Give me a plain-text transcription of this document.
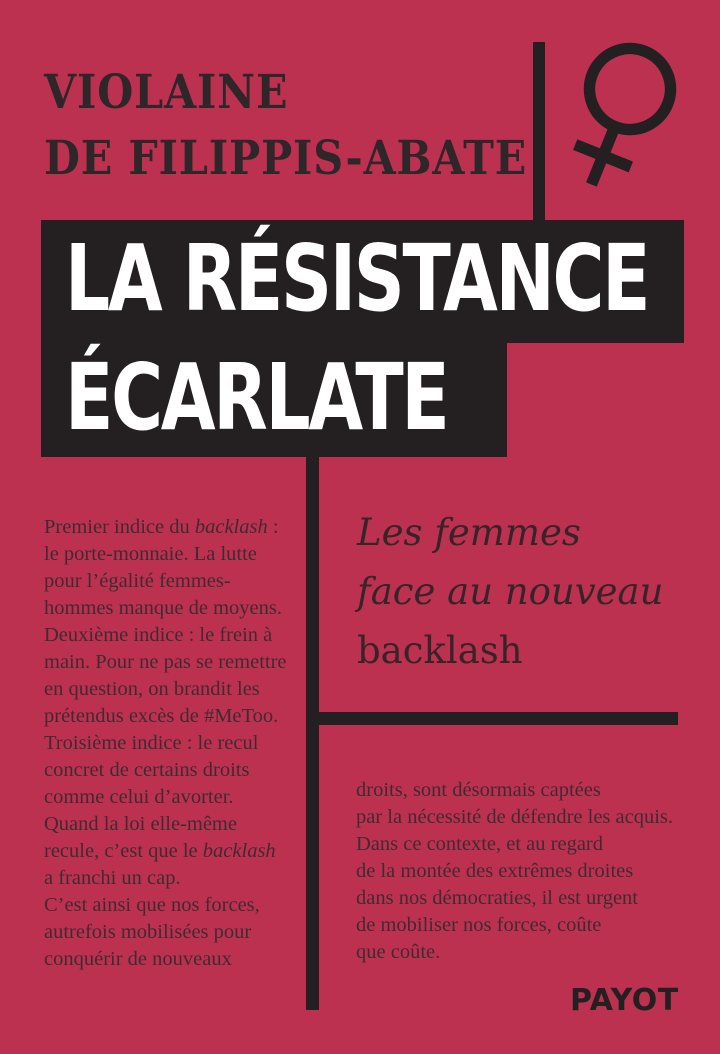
VIOLAINE
DE FILIPPIS-ABATE
LA RÉSISTANCE
ÉCARLATE
Premier indice du backlash :
le porte-monnaie. La lutte
pour l’égalité femmes-
hommes manque de moyens.
Deuxième indice : le frein à
main. Pour ne pas se remettre
en question, on brandit les
prétendus excès de #MeToo.
Troisième indice : le recul
concret de certains droits
comme celui d’avorter.
Quand la loi elle-même
recule, c’est que le backlash
a franchi un cap.
C’est ainsi que nos forces,
autrefois mobilisées pour
conquérir de nouveaux
Les femmes
face au nouveau
backlash
droits, sont désormais captées
par la nécessité de défendre les acquis.
Dans ce contexte, et au regard
de la montée des extrêmes droites
dans nos démocraties, il est urgent
de mobiliser nos forces, coûte
que coûte.
PAYOT
